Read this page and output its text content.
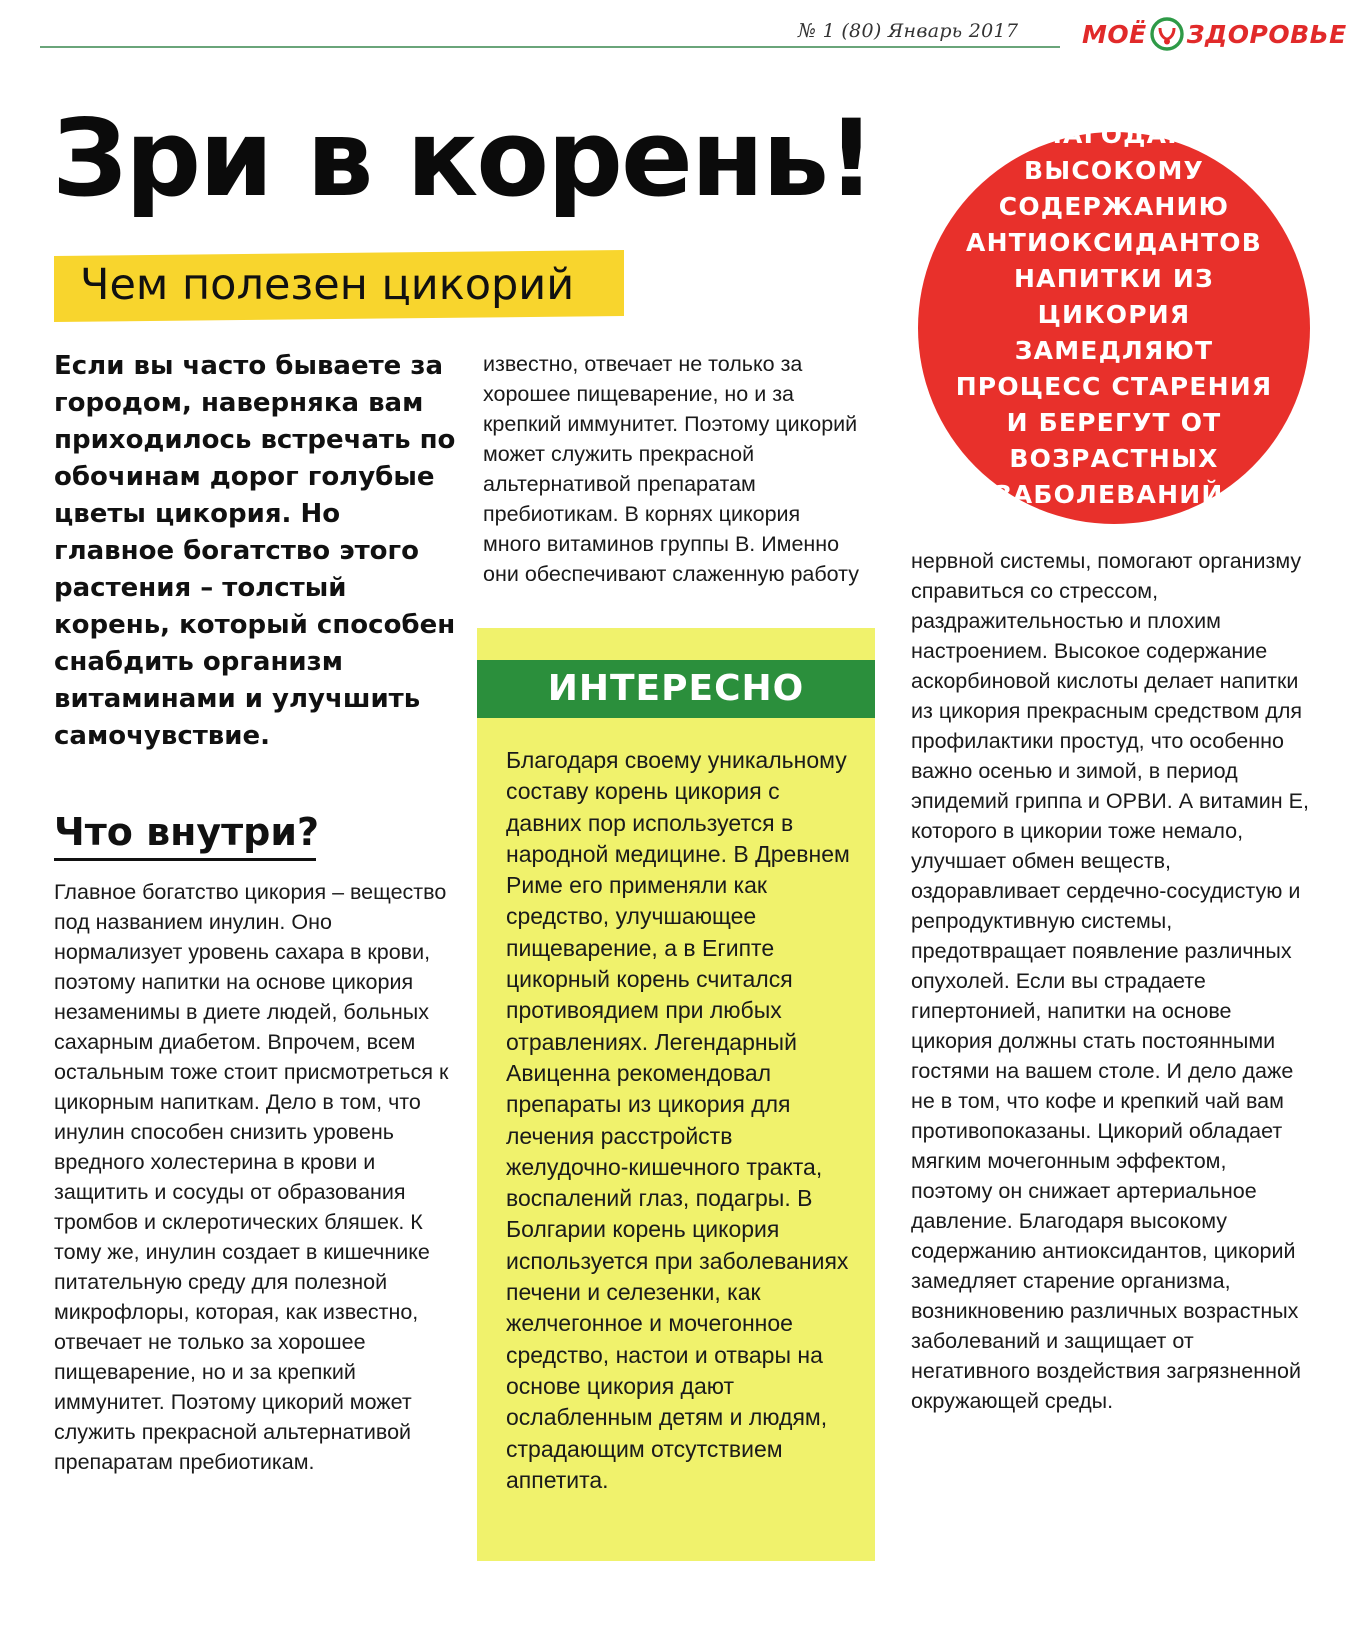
№ 1 (80) Январь 2017	МОЁ ЗДОРОВЬЕ
Зри в корень!
Чем полезен цикорий
БЛАГОДАРЯ ВЫСОКОМУ СОДЕРЖАНИЮ АНТИОКСИДАНТОВ НАПИТКИ ИЗ ЦИКОРИЯ ЗАМЕДЛЯЮТ ПРОЦЕСС СТАРЕНИЯ И БЕРЕГУТ ОТ ВОЗРАСТНЫХ ЗАБОЛЕВАНИЙ.
Если вы часто бываете за городом, наверняка вам приходилось встречать по обочинам дорог голубые цветы цикория. Но главное богатство этого растения – толстый корень, который способен снабдить организм витаминами и улучшить самочувствие.
Что внутри?
Главное богатство цикория – вещество под названием инулин. Оно нормализует уровень сахара в крови, поэтому напитки на основе цикория незаменимы в диете людей, больных сахарным диабетом. Впрочем, всем остальным тоже стоит присмотреться к цикорным напиткам. Дело в том, что инулин способен снизить уровень вредного холестерина в крови и защитить и сосуды от образования тромбов и склеротических бляшек. К тому же, инулин создает в кишечнике питательную среду для полезной микрофлоры, которая, как известно, отвечает не только за хорошее пищеварение, но и за крепкий иммунитет. Поэтому цикорий может служить прекрасной альтернативой препаратам пребиотикам.
известно, отвечает не только за хорошее пищеварение, но и за крепкий иммунитет. Поэтому цикорий может служить прекрасной альтернативой препаратам пребиотикам. В корнях цикория много витаминов группы В. Именно они обеспечивают слаженную работу
ИНТЕРЕСНО
Благодаря своему уникальному составу корень цикория с давних пор используется в народной медицине. В Древнем Риме его применяли как средство, улучшающее пищеварение, а в Египте цикорный корень считался противоядием при любых отравлениях. Легендарный Авиценна рекомендовал препараты из цикория для лечения расстройств желудочно-кишечного тракта, воспалений глаз, подагры. В Болгарии корень цикория используется при заболеваниях печени и селезенки, как желчегонное и мочегонное средство, настои и отвары на основе цикория дают ослабленным детям и людям, страдающим отсутствием аппетита.
нервной системы, помогают организму справиться со стрессом, раздражительностью и плохим настроением. Высокое содержание аскорбиновой кислоты делает напитки из цикория прекрасным средством для профилактики простуд, что особенно важно осенью и зимой, в период эпидемий гриппа и ОРВИ. А витамин Е, которого в цикории тоже немало, улучшает обмен веществ, оздоравливает сердечно-сосудистую и репродуктивную системы, предотвращает появление различных опухолей. Если вы страдаете гипертонией, напитки на основе цикория должны стать постоянными гостями на вашем столе. И дело даже не в том, что кофе и крепкий чай вам противопоказаны. Цикорий обладает мягким мочегонным эффектом, поэтому он снижает артериальное давление. Благодаря высокому содержанию антиоксидантов, цикорий замедляет старение организма, возникновению различных возрастных заболеваний и защищает от негативного воздействия загрязненной окружающей среды.
